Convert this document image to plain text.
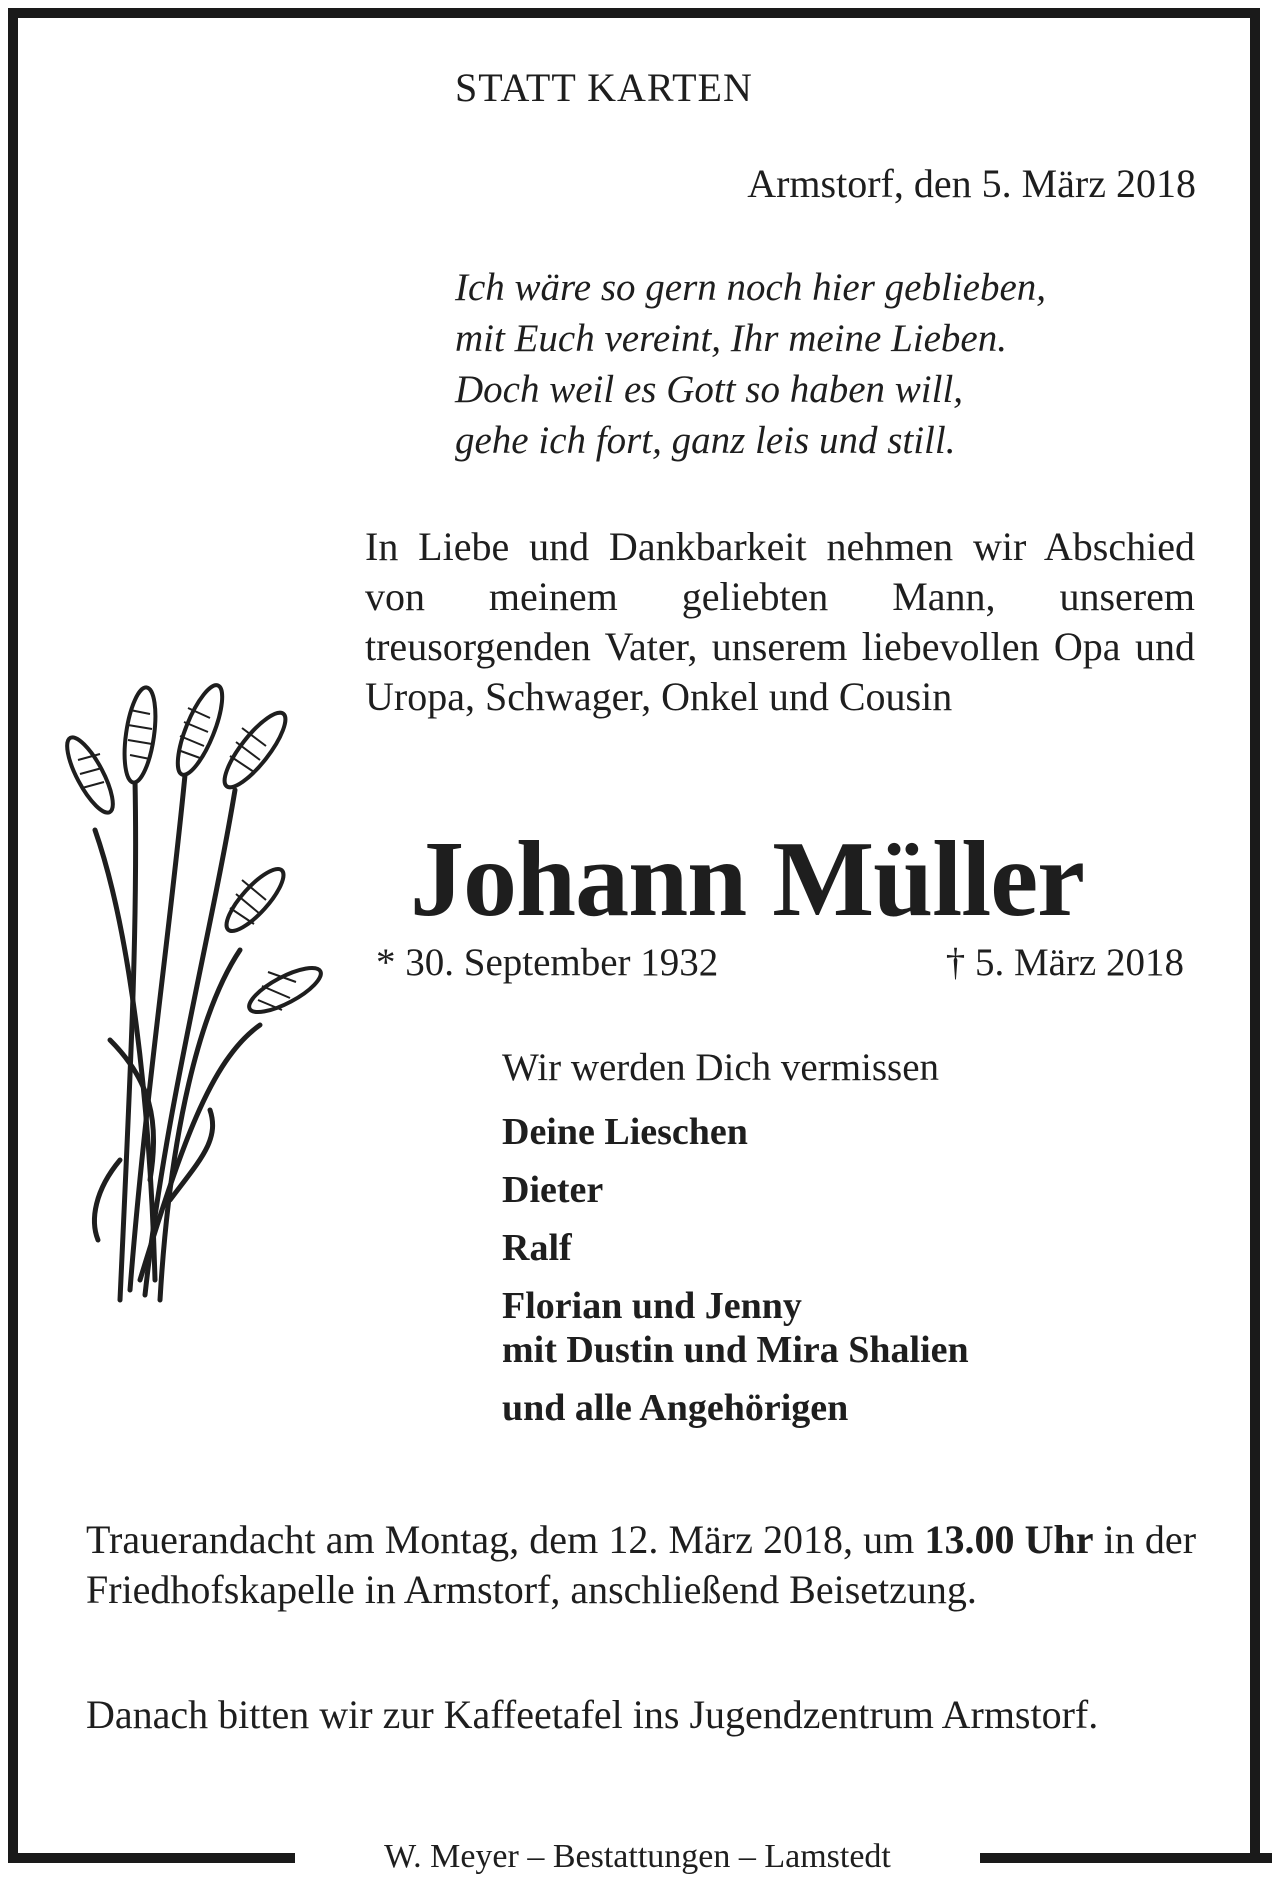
STATT KARTEN
Armstorf, den 5. März 2018
Ich wäre so gern noch hier geblieben,
mit Euch vereint, Ihr meine Lieben.
Doch weil es Gott so haben will,
gehe ich fort, ganz leis und still.
In Liebe und Dankbarkeit nehmen wir Abschied von meinem geliebten Mann, unserem treusorgenden Vater, unserem liebevollen Opa und Uropa, Schwager, Onkel und Cousin
Johann Müller
* 30. September 1932	† 5. März 2018
Wir werden Dich vermissen
Deine Lieschen
Dieter
Ralf
Florian und Jenny
mit Dustin und Mira Shalien
und alle Angehörigen
Trauerandacht am Montag, dem 12. März 2018, um 13.00 Uhr in der Friedhofskapelle in Armstorf, anschließend Beisetzung.
Danach bitten wir zur Kaffeetafel ins Jugendzentrum Armstorf.
W. Meyer – Bestattungen – Lamstedt
